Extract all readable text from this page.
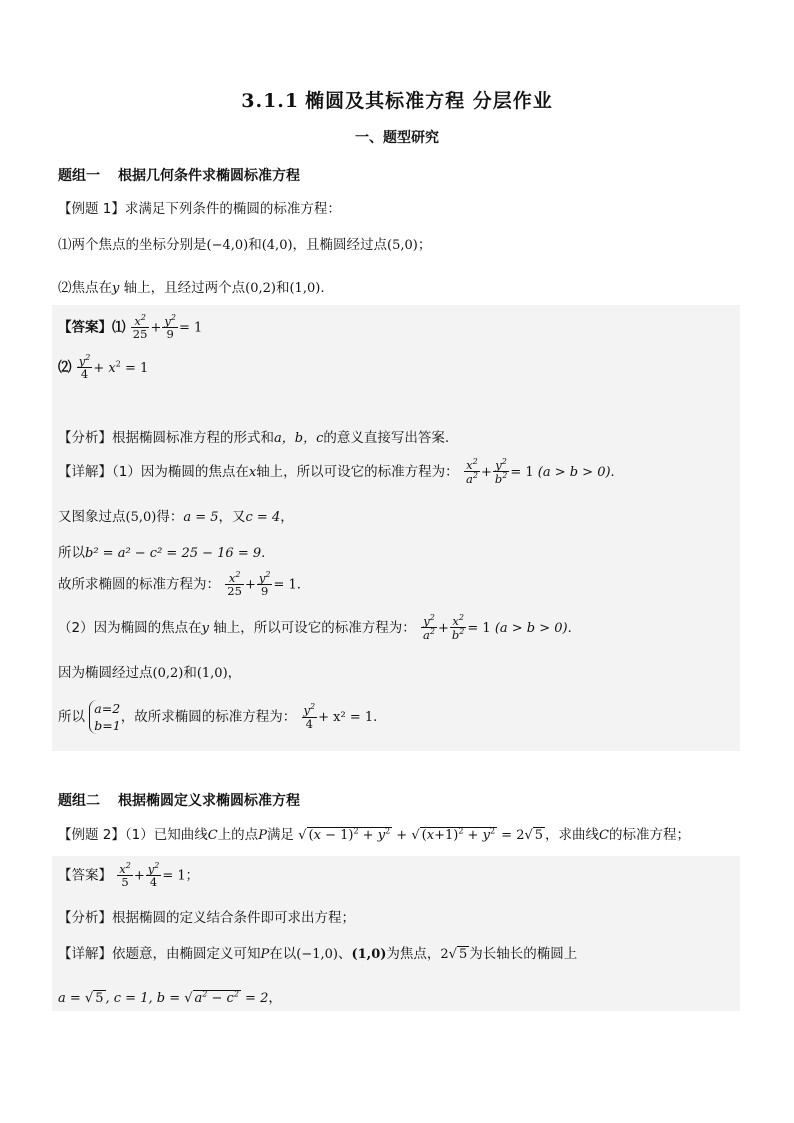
3.1.1 椭圆及其标准方程 分层作业
一、题型研究
题组一 根据几何条件求椭圆标准方程
【例题 1】求满足下列条件的椭圆的标准方程：
⑴两个焦点的坐标分别是(−4,0)和(4,0)，且椭圆经过点(5,0)；
⑵焦点在y 轴上，且经过两个点(0,2)和(1,0).
【答案】⑴ $\frac{x^2}{25} + \frac{y^2}{9} = 1$
⑵ $\frac{y^2}{4} + x^2 = 1$
【分析】根据椭圆标准方程的形式和a，b，c的意义直接写出答案.
【详解】（1）因为椭圆的焦点在x轴上，所以可设它的标准方程为： $\frac{x^2}{a^2} + \frac{y^2}{b^2} = 1$ (a > b > 0).
又图象过点(5,0)得：a = 5，又c = 4，
所以b² = a² − c² = 25 − 16 = 9.
故所求椭圆的标准方程为： $\frac{x^2}{25} + \frac{y^2}{9} = 1$.
（2）因为椭圆的焦点在y 轴上，所以可设它的标准方程为： $\frac{y^2}{a^2} + \frac{x^2}{b^2} = 1$ (a > b > 0).
因为椭圆经过点(0,2)和(1,0)，
所以
a=2
b=1
，故所求椭圆的标准方程为： $\frac{y^2}{4} + x^2 = 1$.
题组二 根据椭圆定义求椭圆标准方程
【例题 2】（1）已知曲线C上的点P满足 √ $(x - 1)^2 + y^2$ + √ $(x+1)^2 + y^2 = 2√$ 5 ，求曲线C的标准方程；
【答案】 $\frac{x^2}{5} + \frac{y^2}{4} = 1$；
【分析】根据椭圆的定义结合条件即可求出方程；
【详解】依题意，由椭圆定义可知P在以(−1,0)、(1,0)为焦点，2√ 5 为长轴长的椭圆上
a = √ 5 , c = 1, b = √ $a^2 - c^2 = 2$，
